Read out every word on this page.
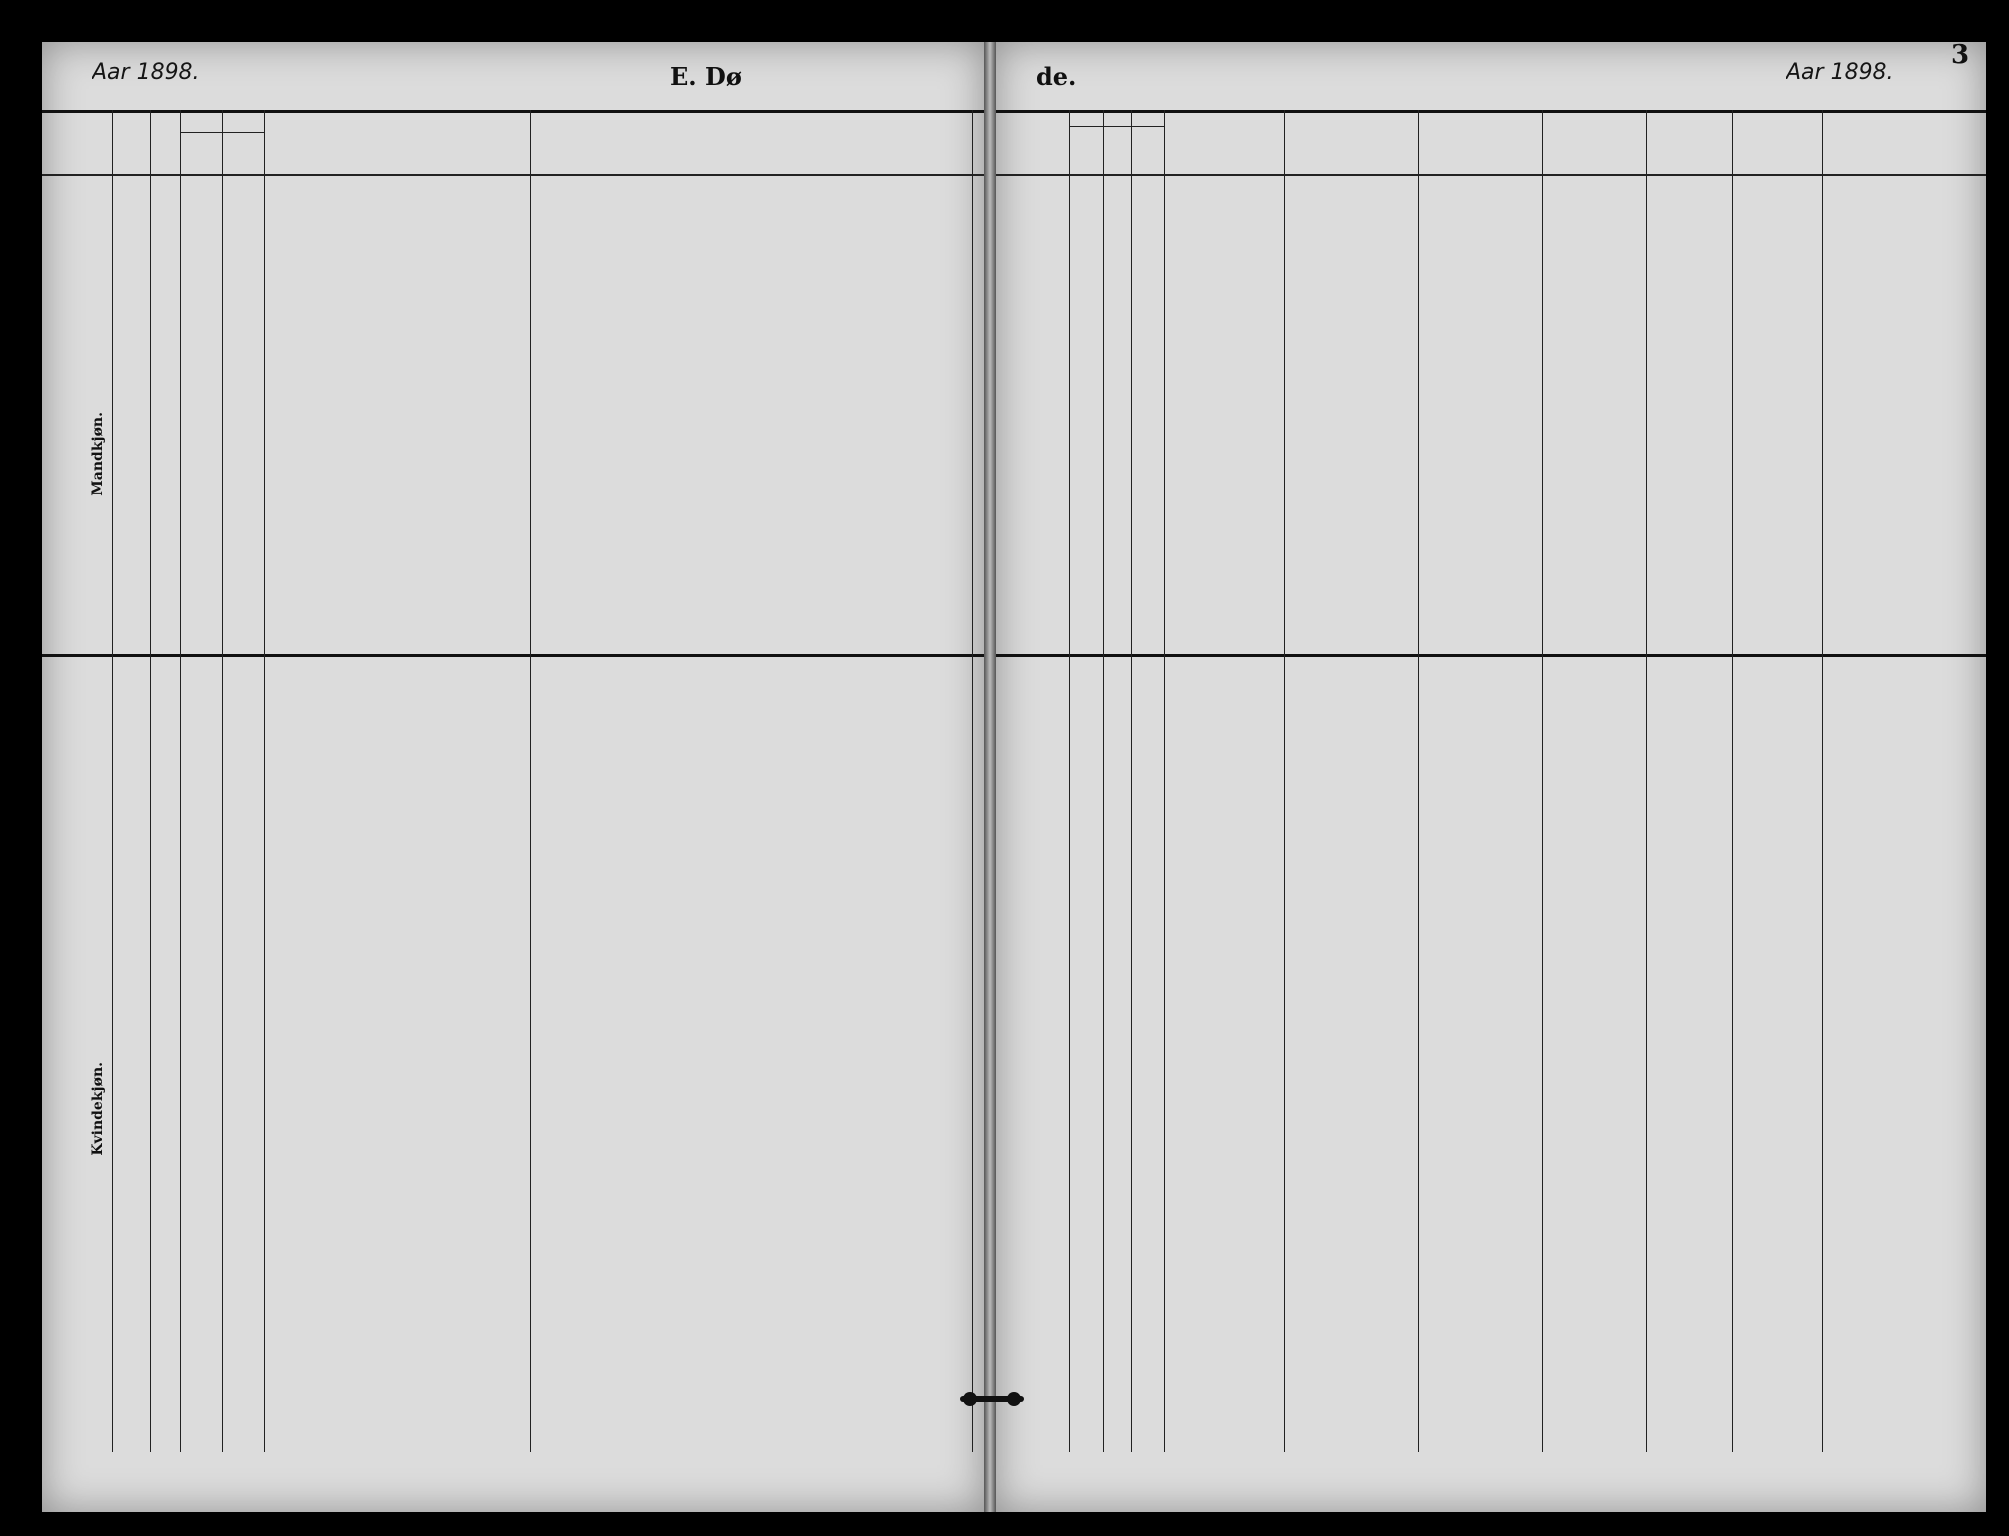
Aar 1898.	E. Dø
Mandkjøn.
Kvindekjøn.
de.	Aar 1898.
3
